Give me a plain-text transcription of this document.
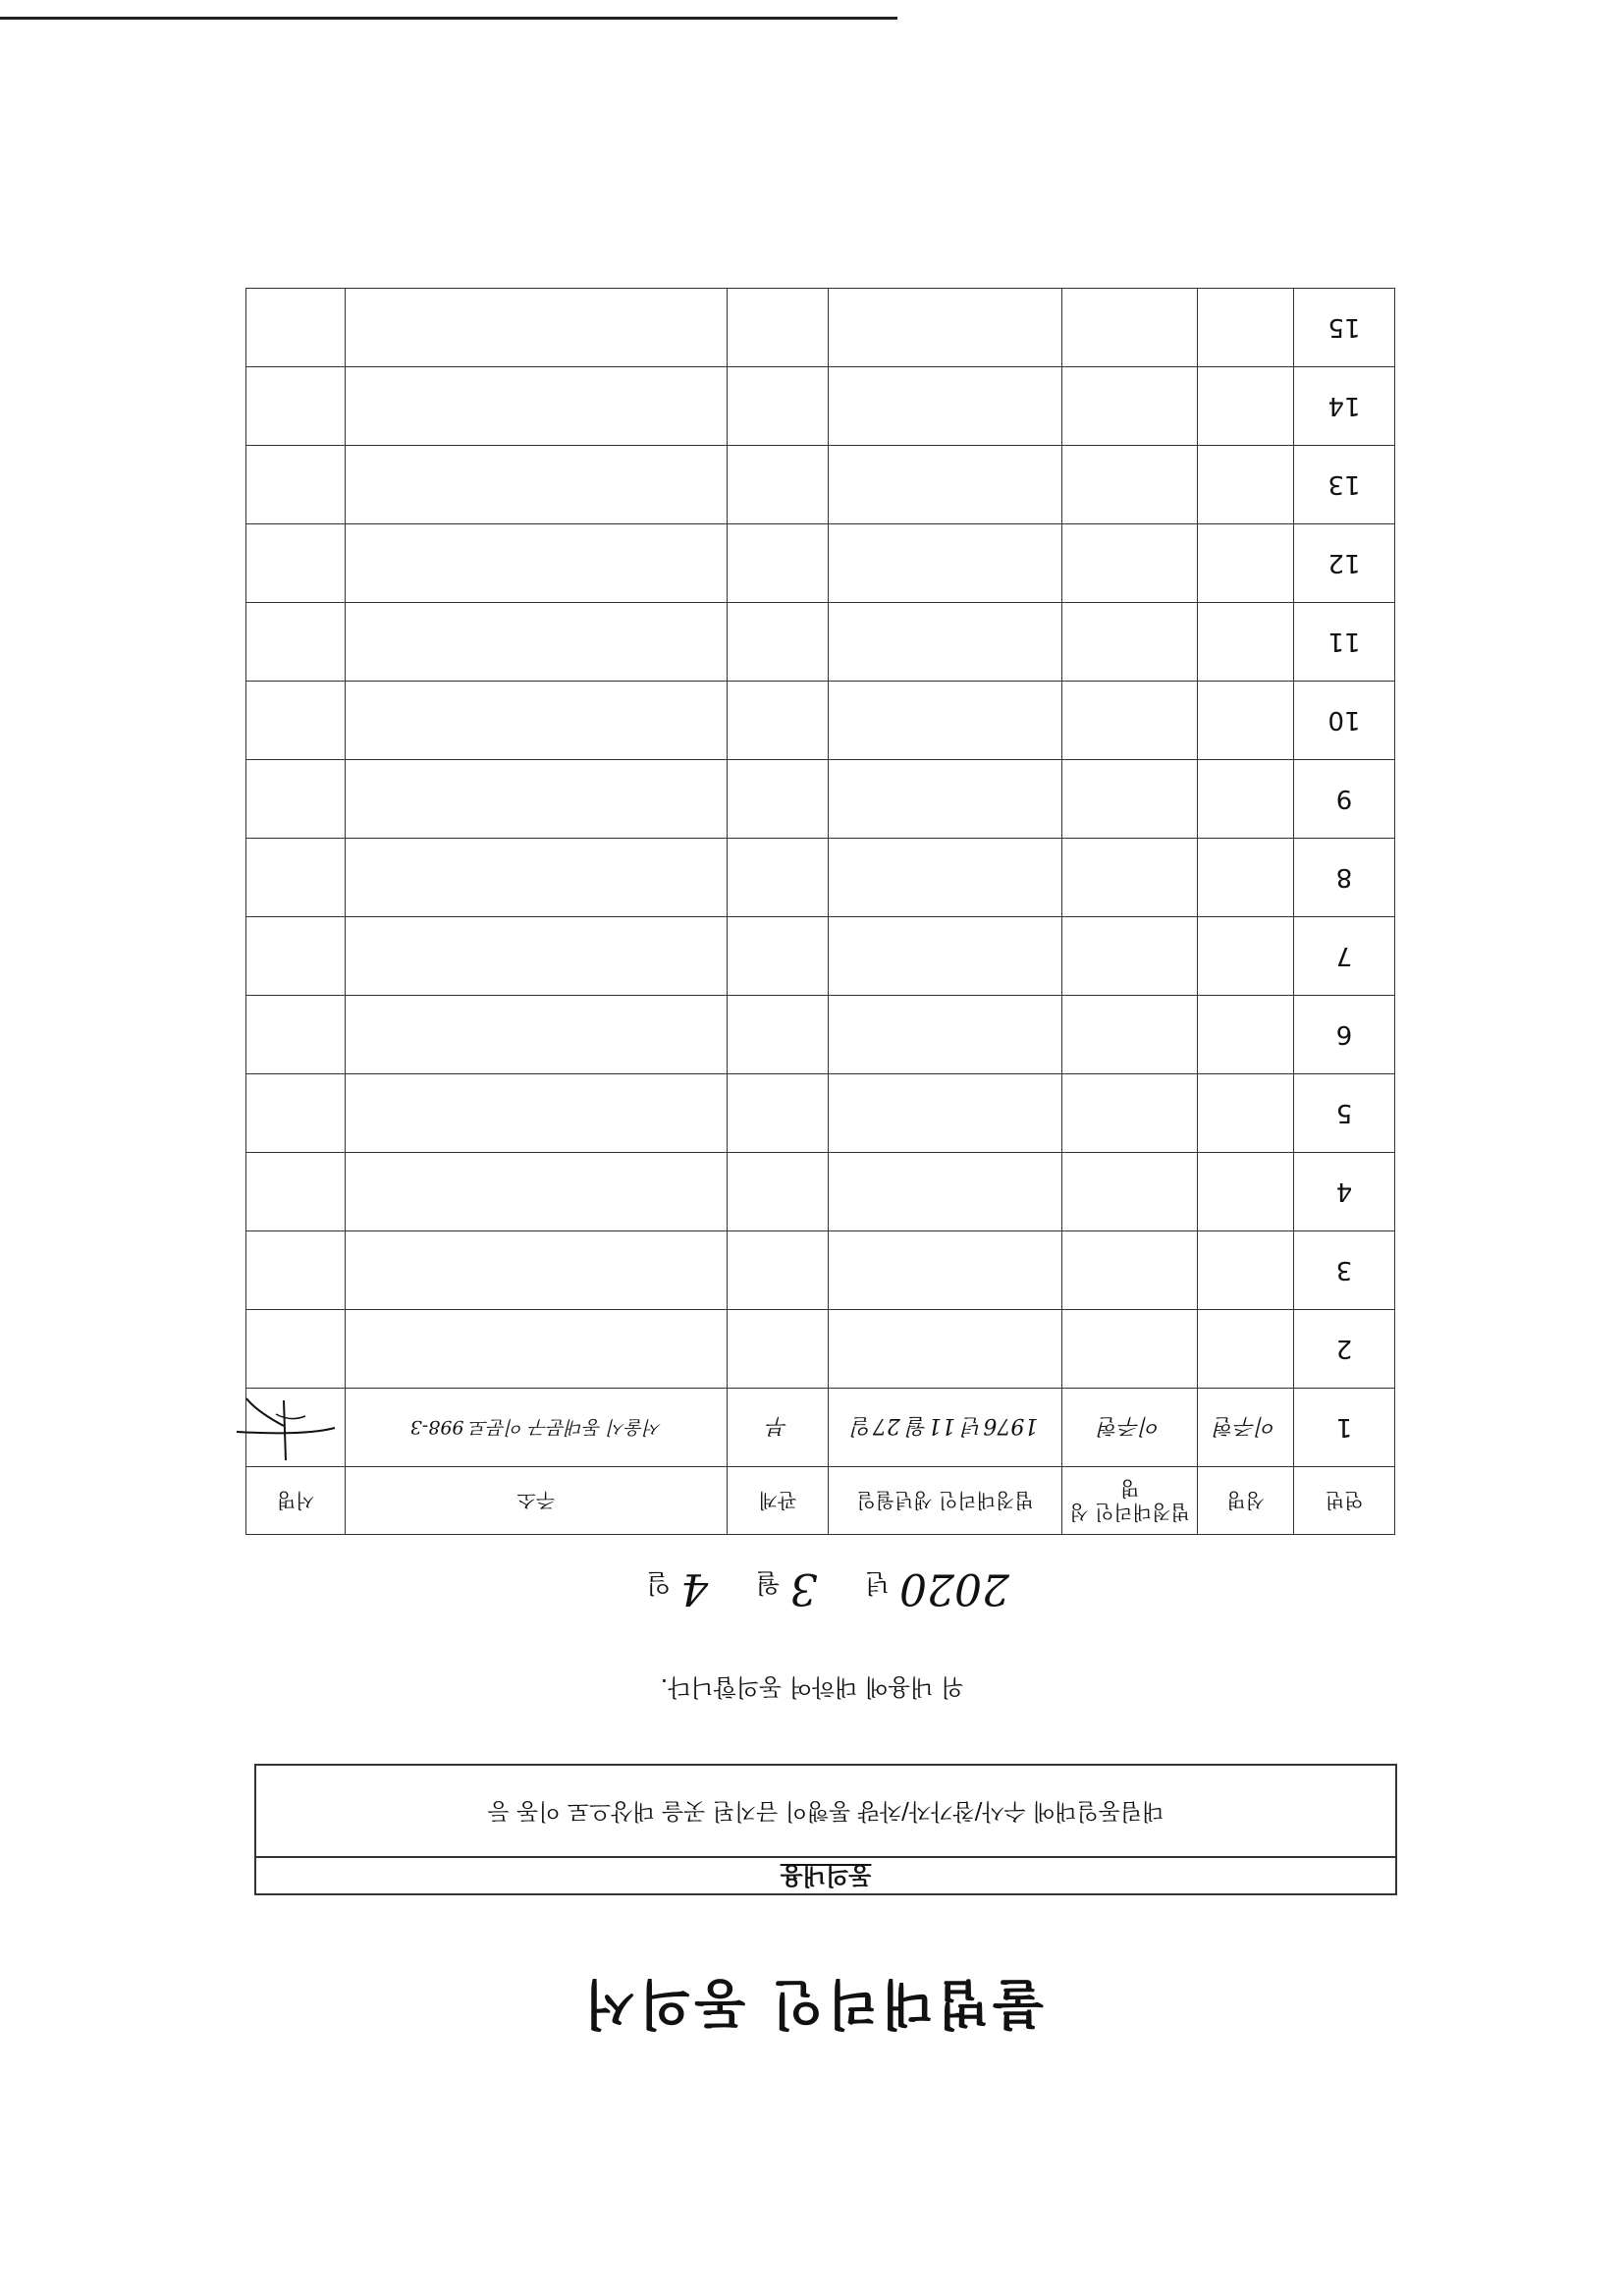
불법대리인 동의서
동의내용
대림동일대에 수사/참가자/차량 통행이 금지된 곳을 대상으로 이동 등
위 내용에 대하여 동의합니다.
2020년 3월 4일
연번	성명	법정대리인 성명	법정대리인 생년월일	관계	주소	서명
1	이주현	이주현	1976년 11월 27일	부	서울시 동대문구 이문로 998-3	

2						
3						
4						
5						
6						
7						
8						
9						
10						
11						
12						
13						
14						
15						
